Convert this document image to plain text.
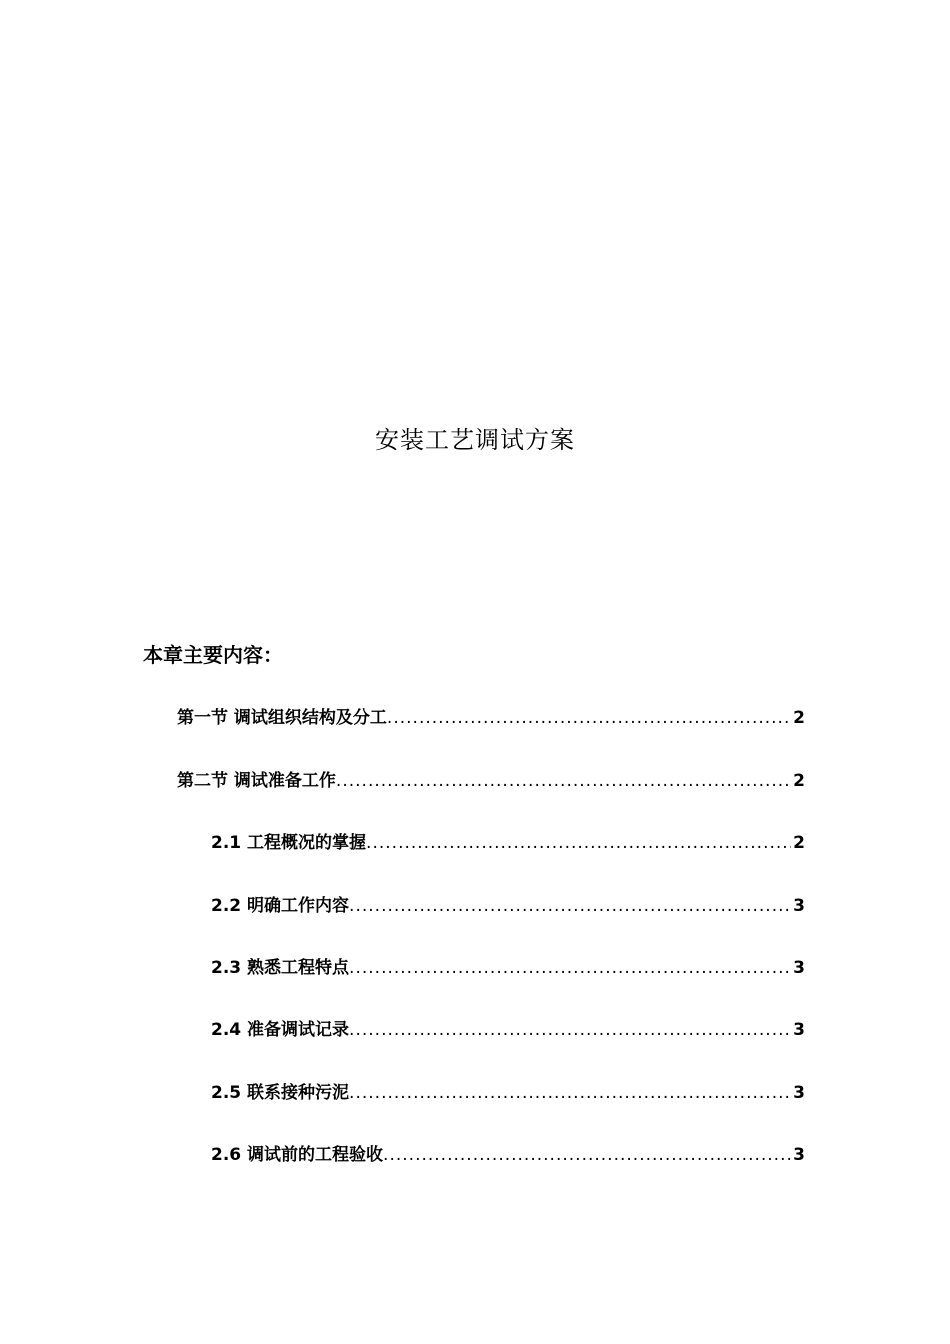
安装工艺调试方案
本章主要内容：
第一节 调试组织结构及分工 .....	2
第二节 调试准备工作 .....	2
2.1 工程概况的掌握 .....	2
2.2 明确工作内容 .....	3
2.3 熟悉工程特点 .....	3
2.4 准备调试记录 .....	3
2.5 联系接种污泥 .....	3
2.6 调试前的工程验收 .....	3
